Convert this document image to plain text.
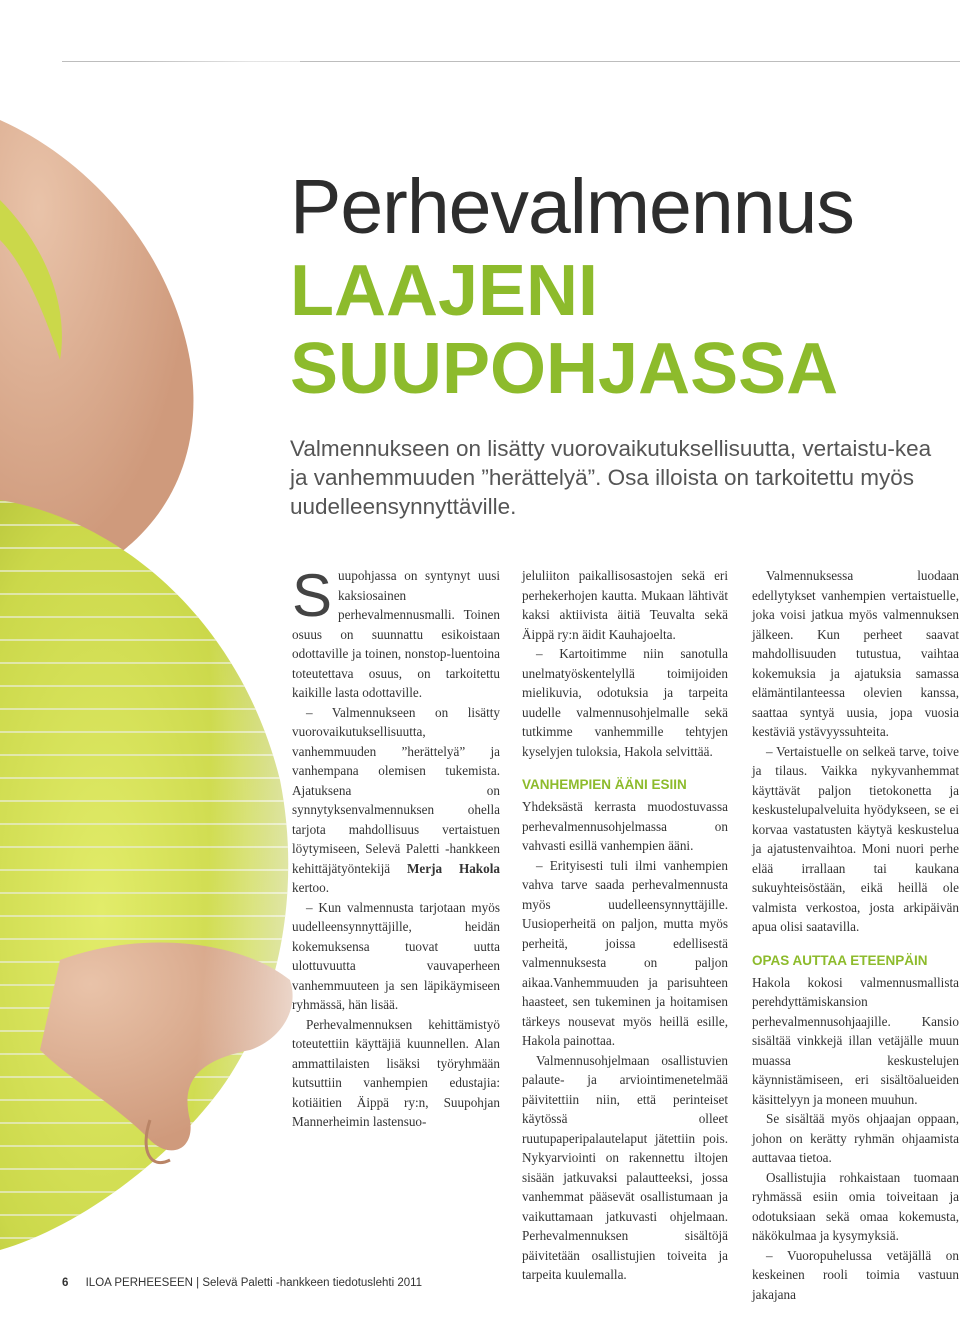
Perhevalmennus
LAAJENI
SUUPOHJASSA

Valmennukseen on lisätty vuorovaikutuksellisuutta, vertaistu-kea ja vanhemmuuden ”herättelyä”. Osa illoista on tarkoitettu myös uudelleensynnyttäville.

S uupohjassa on syntynyt uusi kaksiosainen perhevalmennusmalli. Toinen osuus on suunnattu esikoistaan odottaville ja toinen, nonstop-luentoina toteutettava osuus, on tarkoitettu kaikille lasta odottaville.

– Valmennukseen on lisätty vuorovaikutuksellisuutta, vanhemmuuden ”herättelyä” ja vanhempana olemisen tukemista. Ajatuksena on synnytyksenvalmennuksen ohella tarjota mahdollisuus vertaistuen löytymiseen, Selevä Paletti -hankkeen kehittäjätyöntekijä Merja Hakola kertoo.

– Kun valmennusta tarjotaan myös uudelleensynnyttäjille, heidän kokemuksensa tuovat uutta ulottuvuutta vauvaperheen vanhemmuuteen ja sen läpikäymiseen ryhmässä, hän lisää.

Perhevalmennuksen kehittämistyö toteutettiin käyttäjiä kuunnellen. Alan ammattilaisten lisäksi työryhmään kutsuttiin vanhempien edustajia: kotiäitien Äippä ry:n, Suupohjan Mannerheimin lastensuo-

jeluliiton paikallisosastojen sekä eri perhekerhojen kautta. Mukaan lähtivät kaksi aktiivista äitiä Teuvalta sekä Äippä ry:n äidit Kauhajoelta.

– Kartoitimme niin sanotulla unelmatyöskentelyllä toimijoiden mielikuvia, odotuksia ja tarpeita uudelle valmennusohjelmalle sekä tutkimme vanhemmille tehtyjen kyselyjen tuloksia, Hakola selvittää.

VANHEMPIEN ÄÄNI ESIIN

Yhdeksästä kerrasta muodostuvassa perhevalmennusohjelmassa on vahvasti esillä vanhempien ääni.

– Erityisesti tuli ilmi vanhempien vahva tarve saada perhevalmennusta myös uudelleensynnyttäjille. Uusioperheitä on paljon, mutta myös perheitä, joissa edellisestä valmennuksesta on paljon aikaa.Vanhemmuuden ja parisuhteen haasteet, sen tukeminen ja hoitamisen tärkeys nousevat myös heillä esille, Hakola painottaa.

Valmennusohjelmaan osallistuvien palaute- ja arviointimenetelmää päivitettiin niin, että perinteiset käytössä olleet ruutupaperipalautelaput jätettiin pois. Nykyarviointi on rakennettu iltojen sisään jatkuvaksi palautteeksi, jossa vanhemmat pääsevät osallistumaan ja vaikuttamaan jatkuvasti ohjelmaan. Perhevalmennuksen sisältöjä päivitetään osallistujien toiveita ja tarpeita kuulemalla.

Valmennuksessa luodaan edellytykset vanhempien vertaistuelle, joka voisi jatkua myös valmennuksen jälkeen. Kun perheet saavat mahdollisuuden tutustua, vaihtaa kokemuksia ja ajatuksia samassa elämäntilanteessa olevien kanssa, saattaa syntyä uusia, jopa vuosia kestäviä ystävyyssuhteita.

– Vertaistuelle on selkeä tarve, toive ja tilaus. Vaikka nykyvanhemmat käyttävät paljon tietokonetta ja keskustelupalveluita hyödykseen, se ei korvaa vastatusten käytyä keskustelua ja ajatustenvaihtoa. Moni nuori perhe elää irrallaan tai kaukana sukuyhteisöstään, eikä heillä ole valmista verkostoa, josta arkipäivän apua olisi saatavilla.

OPAS AUTTAA ETEENPÄIN

Hakola kokosi valmennusmallista perehdyttämiskansion perhevalmennusohjaajille. Kansio sisältää vinkkejä illan vetäjälle muun muassa keskustelujen käynnistämiseen, eri sisältöalueiden käsittelyyn ja moneen muuhun.

Se sisältää myös ohjaajan oppaan, johon on kerätty ryhmän ohjaamista auttavaa tietoa.

Osallistujia rohkaistaan tuomaan ryhmässä esiin omia toiveitaan ja odotuksiaan sekä omaa kokemusta, näkökulmaa ja kysymyksiä.

– Vuoropuhelussa vetäjällä on keskeinen rooli toimia vastuun jakajana

6 ILOA PERHEESEEN | Selevä Paletti -hankkeen tiedotuslehti 2011
